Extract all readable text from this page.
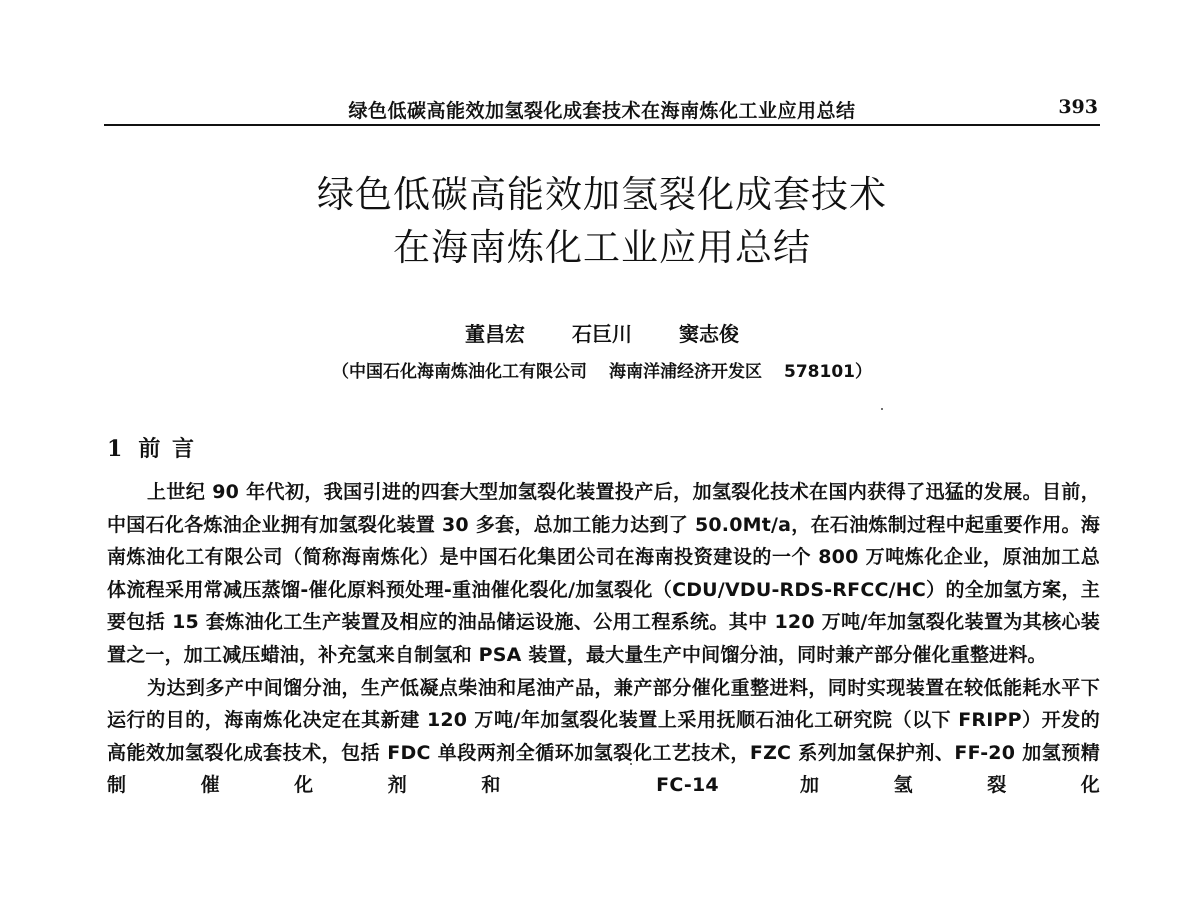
绿色低碳高能效加氢裂化成套技术在海南炼化工业应用总结	393
绿色低碳高能效加氢裂化成套技术
在海南炼化工业应用总结
董昌宏 石巨川 窦志俊
（中国石化海南炼油化工有限公司 海南洋浦经济开发区 578101）
1 前 言

上世纪 90 年代初，我国引进的四套大型加氢裂化装置投产后，加氢裂化技术在国内获得了迅猛的发展。目前，中国石化各炼油企业拥有加氢裂化装置 30 多套，总加工能力达到了 50.0Mt/a，在石油炼制过程中起重要作用。海南炼油化工有限公司（简称海南炼化）是中国石化集团公司在海南投资建设的一个 800 万吨炼化企业，原油加工总体流程采用常减压蒸馏-催化原料预处理-重油催化裂化/加氢裂化（CDU/VDU-RDS-RFCC/HC）的全加氢方案，主要包括 15 套炼油化工生产装置及相应的油品储运设施、公用工程系统。其中 120 万吨/年加氢裂化装置为其核心装置之一，加工减压蜡油，补充氢来自制氢和 PSA 装置，最大量生产中间馏分油，同时兼产部分催化重整进料。

为达到多产中间馏分油，生产低凝点柴油和尾油产品，兼产部分催化重整进料，同时实现装置在较低能耗水平下运行的目的，海南炼化决定在其新建 120 万吨/年加氢裂化装置上采用抚顺石油化工研究院（以下 FRIPP）开发的高能效加氢裂化成套技术，包括 FDC 单段两剂全循环加氢裂化工艺技术，FZC 系列加氢保护剂、FF-20 加氢预精制催化剂和 FC-14 加氢裂化
